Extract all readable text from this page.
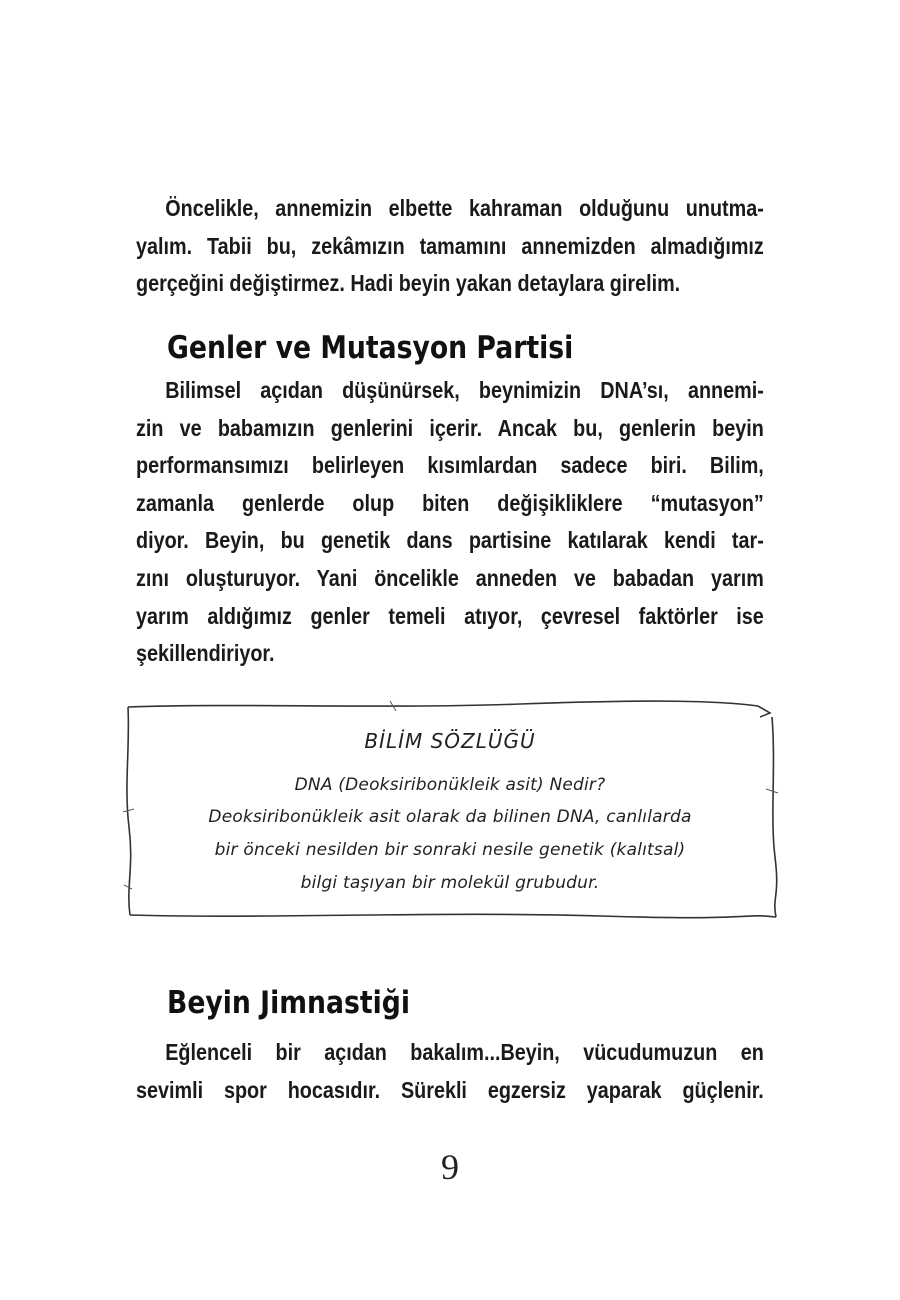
Öncelikle, annemizin elbette kahraman olduğunu unutma-
yalım. Tabii bu, zekâmızın tamamını annemizden almadığımız
gerçeğini değiştirmez. Hadi beyin yakan detaylara girelim.
Genler ve Mutasyon Partisi
Bilimsel açıdan düşünürsek, beynimizin DNA’sı, annemi-
zin ve babamızın genlerini içerir. Ancak bu, genlerin beyin
performansımızı belirleyen kısımlardan sadece biri. Bilim,
zamanla genlerde olup biten değişikliklere “mutasyon”
diyor. Beyin, bu genetik dans partisine katılarak kendi tar-
zını oluşturuyor. Yani öncelikle anneden ve babadan yarım
yarım aldığımız genler temeli atıyor, çevresel faktörler ise
şekillendiriyor.
BİLİM SÖZLÜĞÜ
DNA (Deoksiribonükleik asit) Nedir?
Deoksiribonükleik asit olarak da bilinen DNA, canlılarda
bir önceki nesilden bir sonraki nesile genetik (kalıtsal)
bilgi taşıyan bir molekül grubudur.
Beyin Jimnastiği
Eğlenceli bir açıdan bakalım...Beyin, vücudumuzun en
sevimli spor hocasıdır. Sürekli egzersiz yaparak güçlenir.
9
